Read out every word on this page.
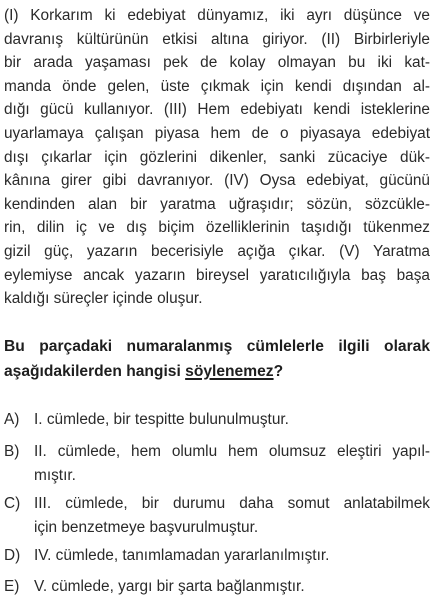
(I) Korkarım ki edebiyat dünyamız, iki ayrı düşünce ve
davranış kültürünün etkisi altına giriyor. (II) Birbirleriyle
bir arada yaşaması pek de kolay olmayan bu iki kat-
manda önde gelen, üste çıkmak için kendi dışından al-
dığı gücü kullanıyor. (III) Hem edebiyatı kendi isteklerine
uyarlamaya çalışan piyasa hem de o piyasaya edebiyat
dışı çıkarlar için gözlerini dikenler, sanki zücaciye dük-
kânına girer gibi davranıyor. (IV) Oysa edebiyat, gücünü
kendinden alan bir yaratma uğraşıdır; sözün, sözcükle-
rin, dilin iç ve dış biçim özelliklerinin taşıdığı tükenmez
gizil güç, yazarın becerisiyle açığa çıkar. (V) Yaratma
eylemiyse ancak yazarın bireysel yaratıcılığıyla baş başa
kaldığı süreçler içinde oluşur.
Bu parçadaki numaralanmış cümlelerle ilgili olarak
aşağıdakilerden hangisi söylenemez?
A) I. cümlede, bir tespitte bulunulmuştur.
B) II. cümlede, hem olumlu hem olumsuz eleştiri yapıl-
mıştır.
C) III. cümlede, bir durumu daha somut anlatabilmek
için benzetmeye başvurulmuştur.
D) IV. cümlede, tanımlamadan yararlanılmıştır.
E) V. cümlede, yargı bir şarta bağlanmıştır.
